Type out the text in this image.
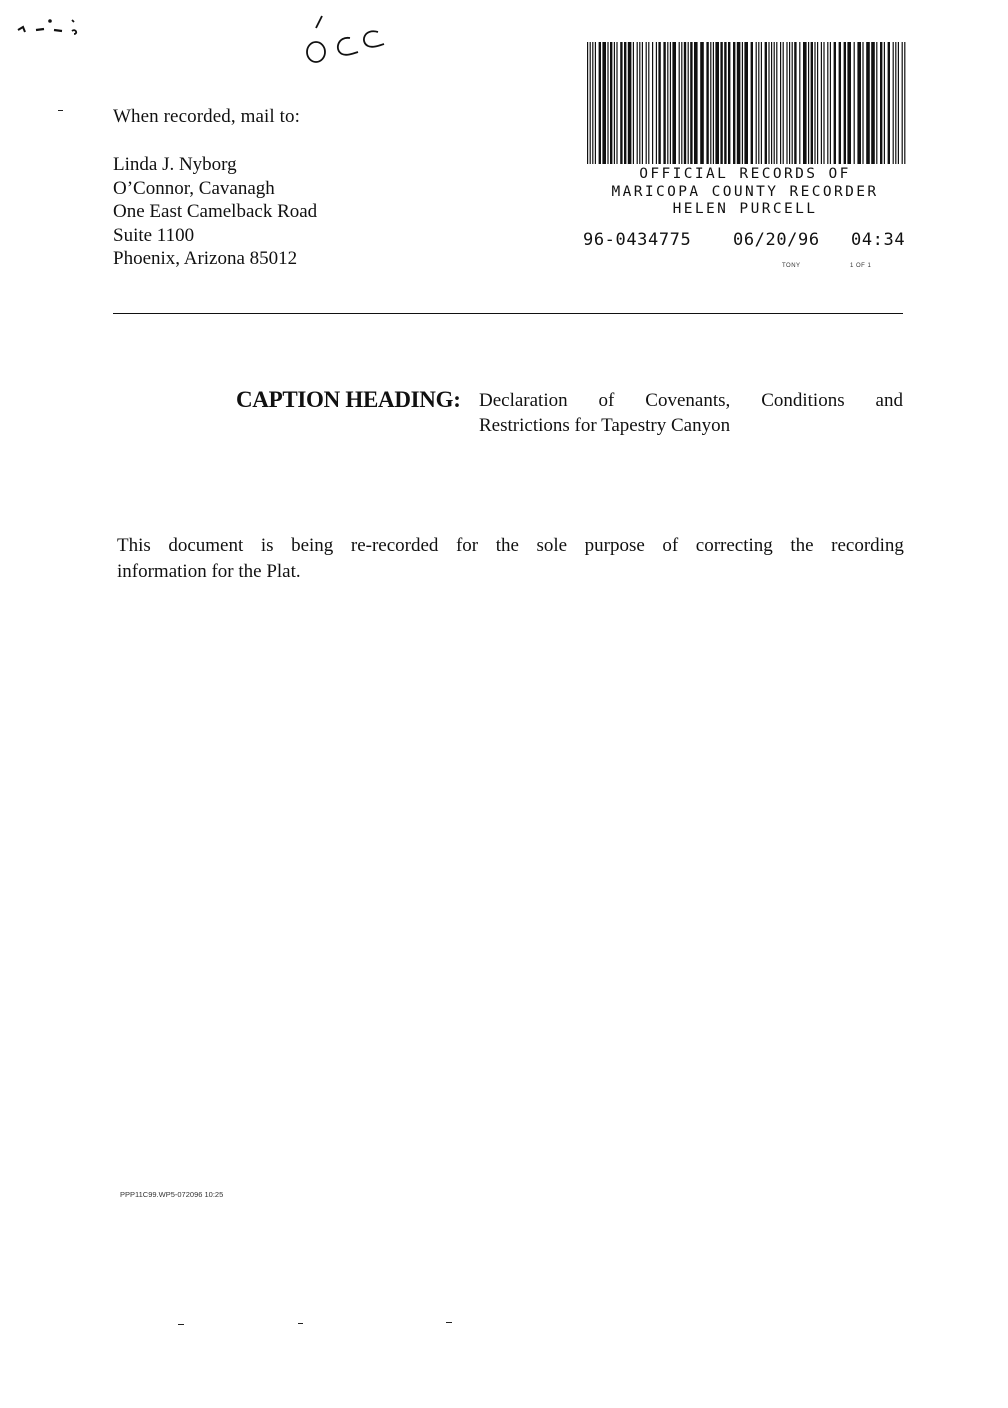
When recorded, mail to:
Linda J. Nyborg
O’Connor, Cavanagh
One East Camelback Road
Suite 1100
Phoenix, Arizona 85012
OFFICIAL RECORDS OF
MARICOPA COUNTY RECORDER
HELEN PURCELL
96-0434775 06/20/96 04:34
TONY	1 OF 1
CAPTION HEADING: Declaration of Covenants, Conditions and
Restrictions for Tapestry Canyon
This document is being re-recorded for the sole purpose of correcting the recording
information for the Plat.
PPP11C99.WP5-072096 10:25
